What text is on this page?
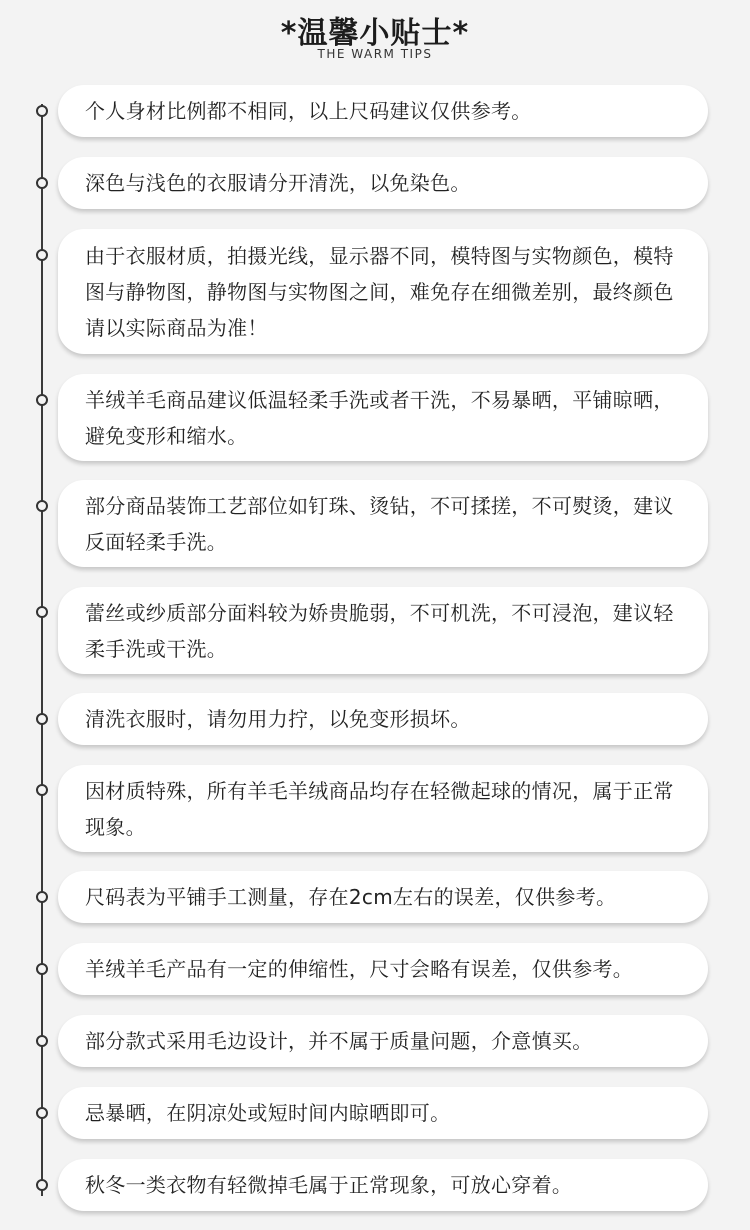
*温馨小贴士*
THE WARM TIPS
个人身材比例都不相同，以上尺码建议仅供参考。
深色与浅色的衣服请分开清洗，以免染色。
由于衣服材质，拍摄光线，显示器不同，模特图与实物颜色，模特图与静物图，静物图与实物图之间，难免存在细微差别，最终颜色请以实际商品为准！
羊绒羊毛商品建议低温轻柔手洗或者干洗，不易暴晒，平铺晾晒，避免变形和缩水。
部分商品装饰工艺部位如钉珠、烫钻，不可揉搓，不可熨烫，建议反面轻柔手洗。
蕾丝或纱质部分面料较为娇贵脆弱，不可机洗，不可浸泡，建议轻柔手洗或干洗。
清洗衣服时，请勿用力拧，以免变形损坏。
因材质特殊，所有羊毛羊绒商品均存在轻微起球的情况，属于正常现象。
尺码表为平铺手工测量，存在2cm左右的误差，仅供参考。
羊绒羊毛产品有一定的伸缩性，尺寸会略有误差，仅供参考。
部分款式采用毛边设计，并不属于质量问题，介意慎买。
忌暴晒，在阴凉处或短时间内晾晒即可。
秋冬一类衣物有轻微掉毛属于正常现象，可放心穿着。
